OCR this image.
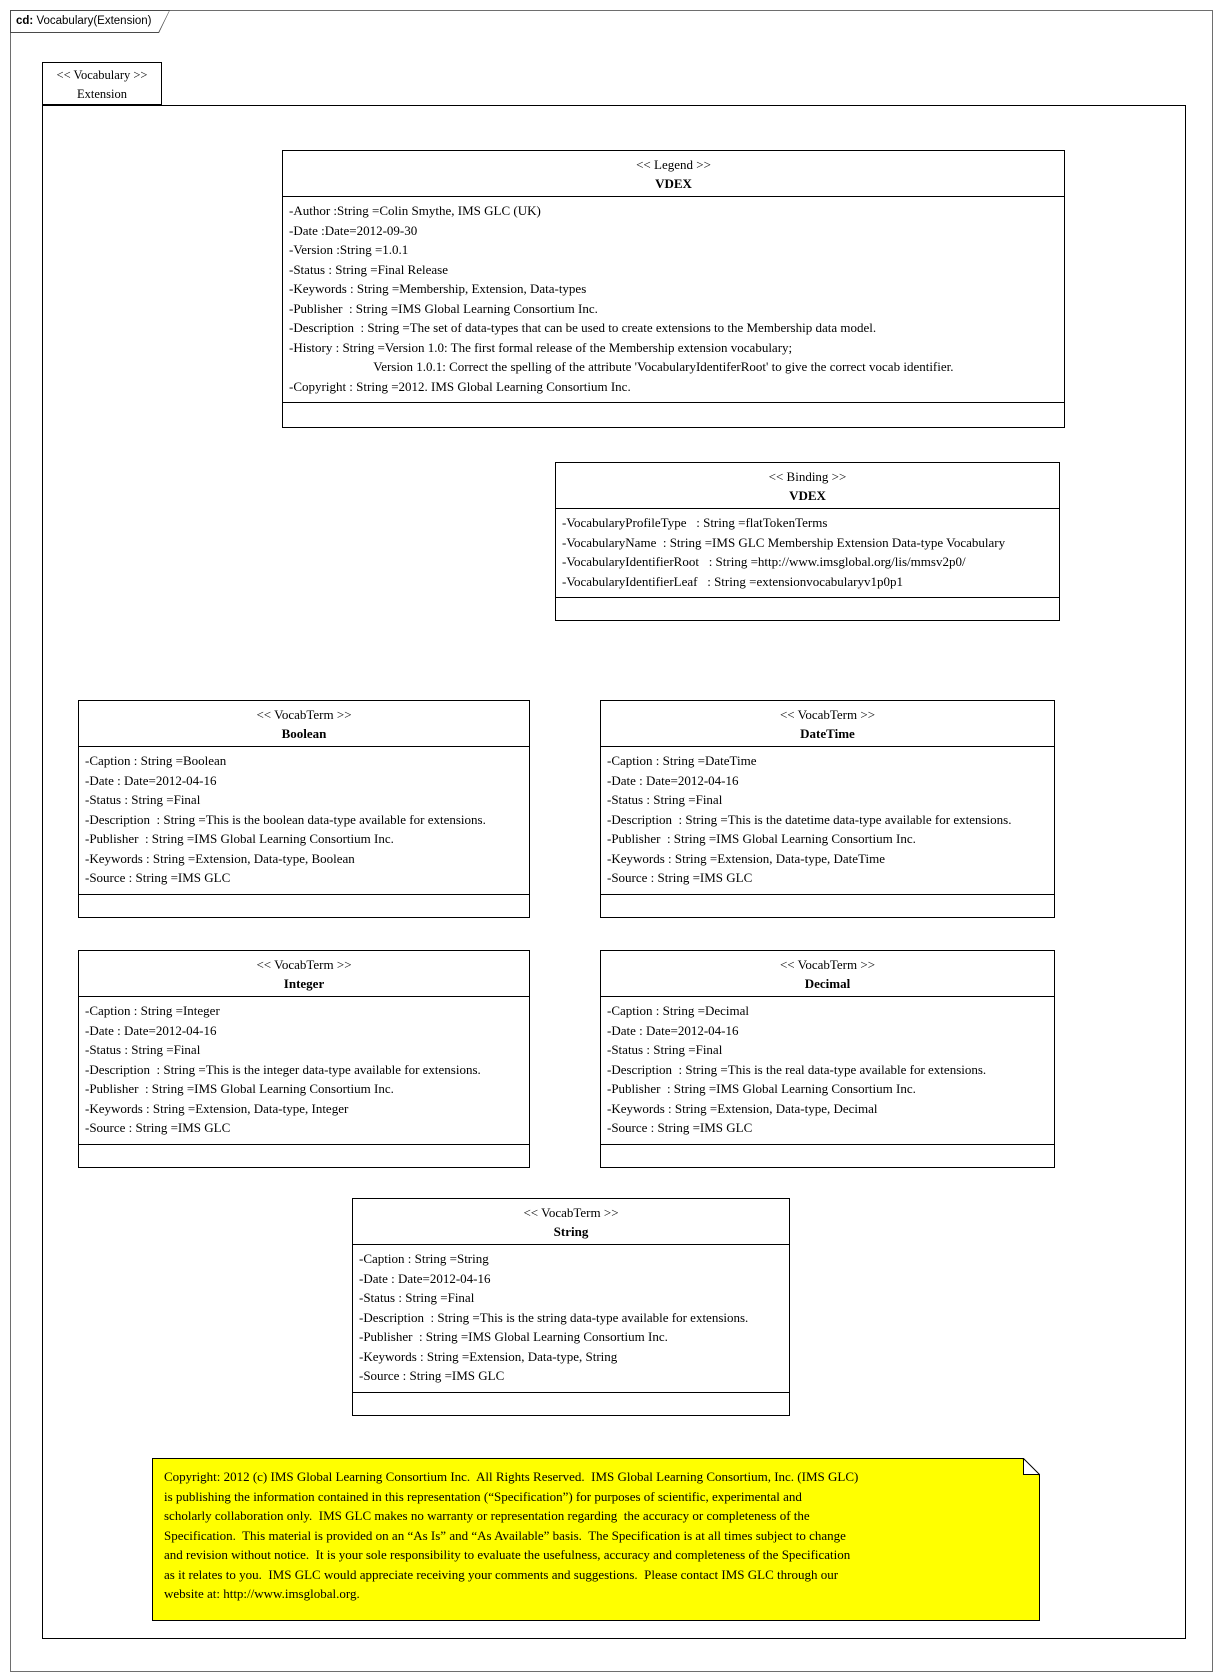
cd: Vocabulary(Extension)
<< Vocabulary >>
Extension
<< Legend >>
VDEX
-Author :String =Colin Smythe, IMS GLC (UK)
-Date :Date=2012-09-30
-Version :String =1.0.1
-Status : String =Final Release
-Keywords : String =Membership, Extension, Data-types
-Publisher  : String =IMS Global Learning Consortium Inc.
-Description  : String =The set of data-types that can be used to create extensions to the Membership data model.
-History : String =Version 1.0: The first formal release of the Membership extension vocabulary;
Version 1.0.1: Correct the spelling of the attribute 'VocabularyIdentiferRoot' to give the correct vocab identifier.
-Copyright : String =2012. IMS Global Learning Consortium Inc.
<< Binding >>
VDEX
-VocabularyProfileType   : String =flatTokenTerms
-VocabularyName  : String =IMS GLC Membership Extension Data-type Vocabulary
-VocabularyIdentifierRoot   : String =http://www.imsglobal.org/lis/mmsv2p0/
-VocabularyIdentifierLeaf   : String =extensionvocabularyv1p0p1
<< VocabTerm >>
Boolean
-Caption : String =Boolean
-Date : Date=2012-04-16
-Status : String =Final
-Description  : String =This is the boolean data-type available for extensions.
-Publisher  : String =IMS Global Learning Consortium Inc.
-Keywords : String =Extension, Data-type, Boolean
-Source : String =IMS GLC
<< VocabTerm >>
DateTime
-Caption : String =DateTime
-Date : Date=2012-04-16
-Status : String =Final
-Description  : String =This is the datetime data-type available for extensions.
-Publisher  : String =IMS Global Learning Consortium Inc.
-Keywords : String =Extension, Data-type, DateTime
-Source : String =IMS GLC
<< VocabTerm >>
Integer
-Caption : String =Integer
-Date : Date=2012-04-16
-Status : String =Final
-Description  : String =This is the integer data-type available for extensions.
-Publisher  : String =IMS Global Learning Consortium Inc.
-Keywords : String =Extension, Data-type, Integer
-Source : String =IMS GLC
<< VocabTerm >>
Decimal
-Caption : String =Decimal
-Date : Date=2012-04-16
-Status : String =Final
-Description  : String =This is the real data-type available for extensions.
-Publisher  : String =IMS Global Learning Consortium Inc.
-Keywords : String =Extension, Data-type, Decimal
-Source : String =IMS GLC
<< VocabTerm >>
String
-Caption : String =String
-Date : Date=2012-04-16
-Status : String =Final
-Description  : String =This is the string data-type available for extensions.
-Publisher  : String =IMS Global Learning Consortium Inc.
-Keywords : String =Extension, Data-type, String
-Source : String =IMS GLC
Copyright: 2012 (c) IMS Global Learning Consortium Inc.  All Rights Reserved.  IMS Global Learning Consortium, Inc. (IMS GLC)
is publishing the information contained in this representation (“Specification”) for purposes of scientific, experimental and
scholarly collaboration only.  IMS GLC makes no warranty or representation regarding  the accuracy or completeness of the
Specification.  This material is provided on an “As Is” and “As Available” basis.  The Specification is at all times subject to change
and revision without notice.  It is your sole responsibility to evaluate the usefulness, accuracy and completeness of the Specification
as it relates to you.  IMS GLC would appreciate receiving your comments and suggestions.  Please contact IMS GLC through our
website at: http://www.imsglobal.org.
